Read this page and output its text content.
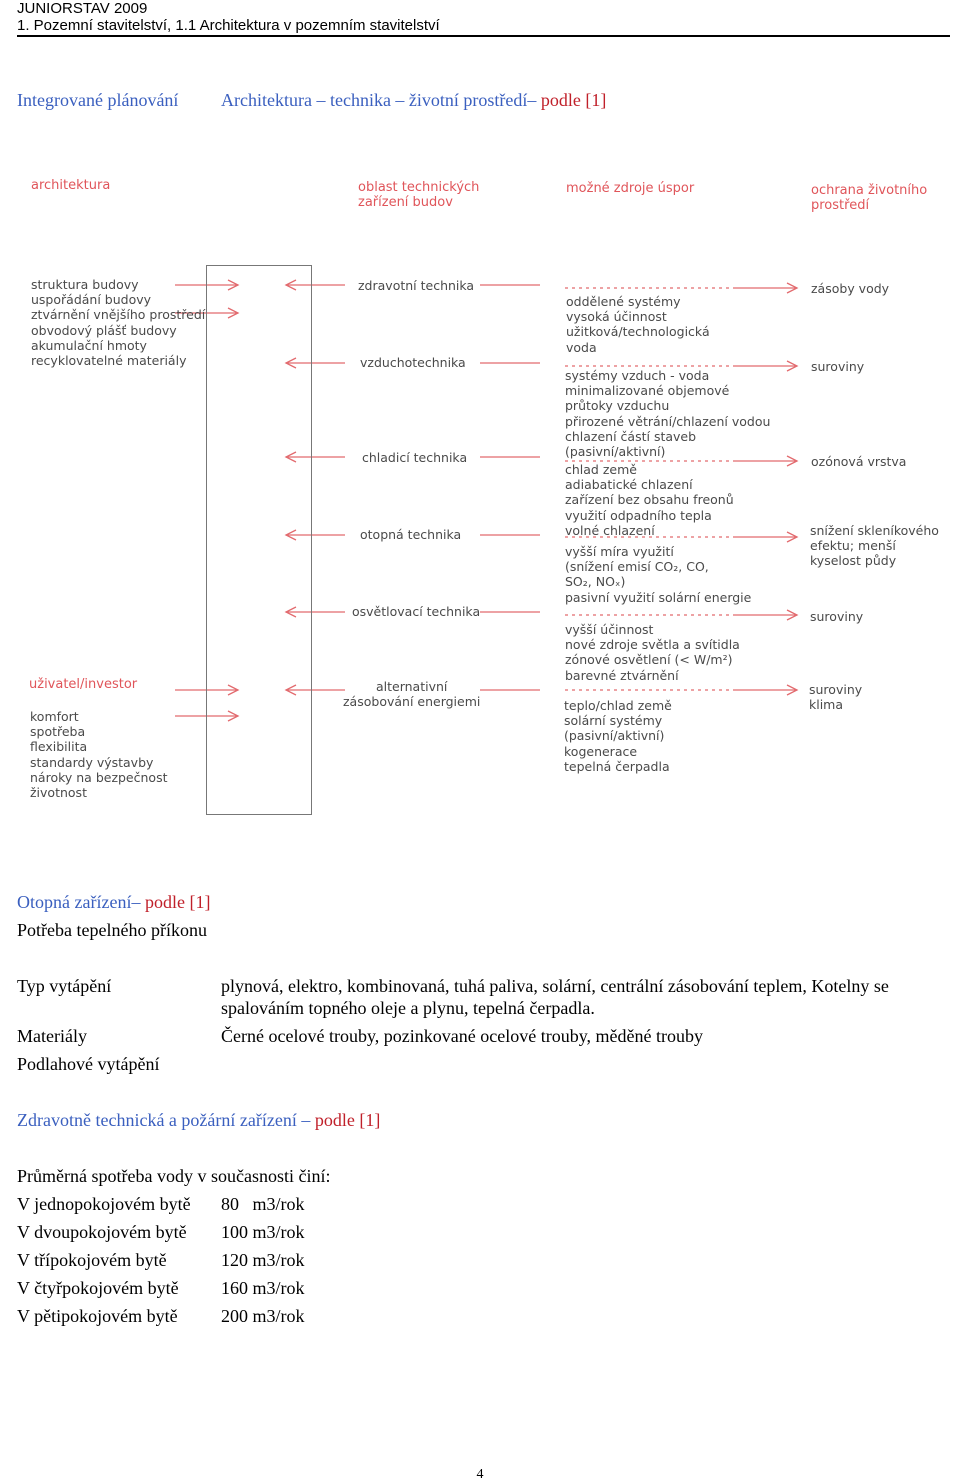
JUNIORSTAV 2009
1. Pozemní stavitelství, 1.1 Architektura v pozemním stavitelství
Integrované plánování Architektura – technika – životní prostředí– podle [1]
architektura	oblast technických
zařízení budov
možné zdroje úspor	ochrana životního
prostředí
struktura budovy
uspořádání budovy
ztvárnění vnějšího prostředí
obvodový plášť budovy
akumulační hmoty
recyklovatelné materiály
uživatel/investor
komfort
spotřeba
flexibilita
standardy výstavby
nároky na bezpečnost
životnost
zdravotní technika
vzduchotechnika
chladicí technika
otopná technika
osvětlovací technika
alternativní
zásobování energiemi
oddělené systémy
vysoká účinnost
užitková/technologická
voda
systémy vzduch - voda
minimalizované objemové
průtoky vzduchu
přirozené větrání/chlazení vodou
chlazení částí staveb
(pasivní/aktivní)
chlad země
adiabatické chlazení
zařízení bez obsahu freonů
využití odpadního tepla
volné chlazení
vyšší míra využití
(snížení emisí CO₂, CO,
SO₂, NOₓ)
pasivní využití solární energie
vyšší účinnost
nové zdroje světla a svítidla
zónové osvětlení (< W/m²)
barevné ztvárnění
teplo/chlad země
solární systémy
(pasivní/aktivní)
kogenerace
tepelná čerpadla
zásoby vody
suroviny
ozónová vrstva
snížení skleníkového
efektu; menší
kyselost půdy
suroviny
suroviny
klima
Otopná zařízení– podle [1]
Potřeba tepelného příkonu
Typ vytápění	plynová, elektro, kombinovaná, tuhá paliva, solární, centrální zásobování teplem, Kotelny se
spalováním topného oleje a plynu, tepelná čerpadla.
Materiály	Černé ocelové trouby, pozinkované ocelové trouby, měděné trouby
Podlahové vytápění
Zdravotně technická a požární zařízení – podle [1]
Průměrná spotřeba vody v současnosti činí:
V jednopokojovém bytě 80   m3/rok
V dvoupokojovém bytě 100 m3/rok
V třípokojovém bytě	120 m3/rok
V čtyřpokojovém bytě 160 m3/rok
V pětipokojovém bytě 200 m3/rok
4
